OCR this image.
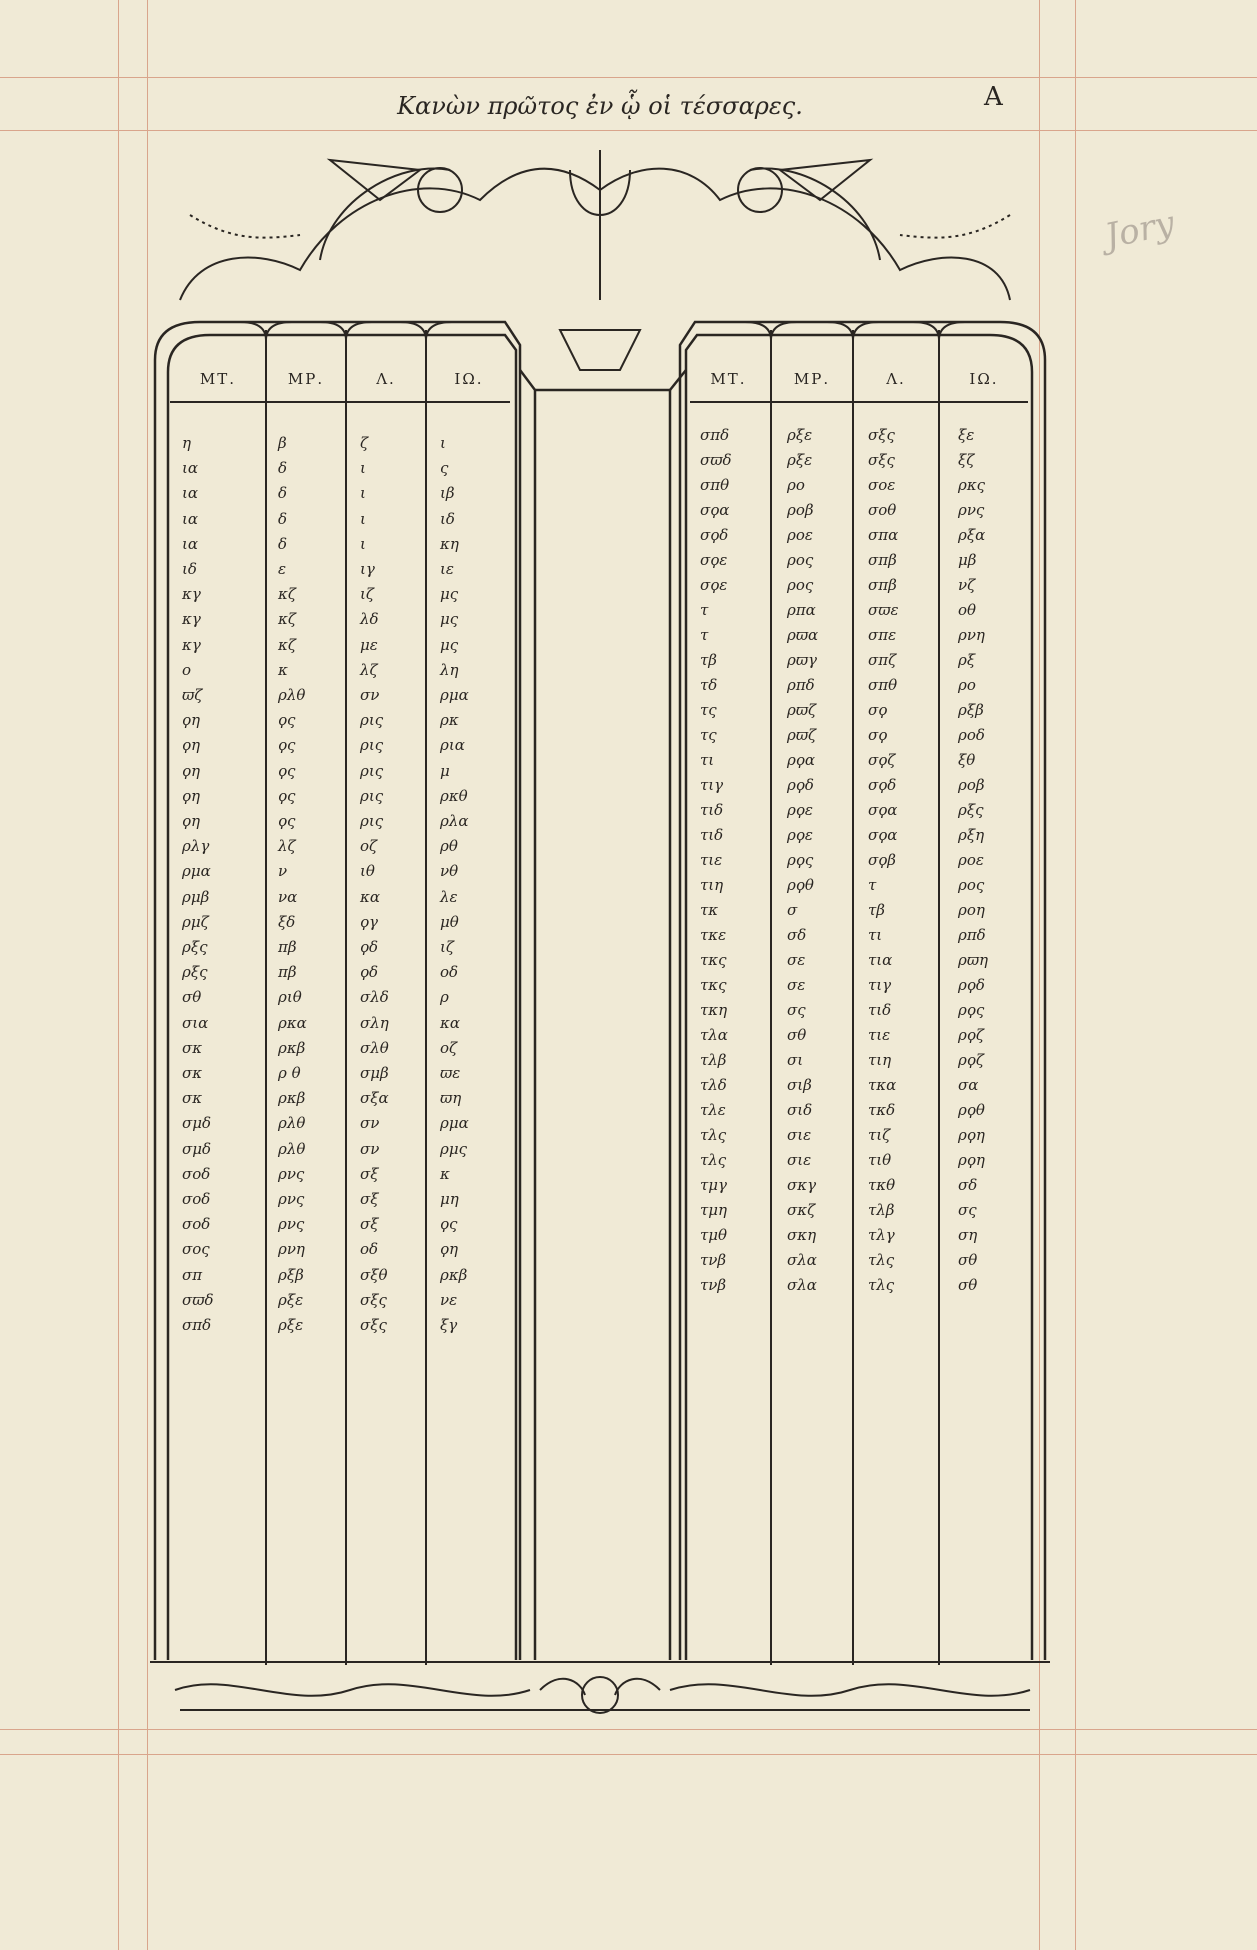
Κανὼν πρῶτος ἐν ᾧ οἱ τέσσαρες.	A
Jory
ΜΤ.	ΜΡ.	Λ.	ΙΩ.
η	β	ζ	ι
ια	δ	ι	ς
ια	δ	ι	ιβ
ια	δ	ι	ιδ
ια	δ	ι	κη
ιδ	ε	ιγ	ιε
κγ	κζ	ιζ	μς
κγ	κζ	λδ	μς
κγ	κζ	με	μς
ο	κ	λζ	λη
ϖζ	ρλθ	σν	ρμα
ϙη	ϙς	ρις	ρκ
ϙη	ϙς	ρις	ρια
ϙη	ϙς	ρις	μ
ϙη	ϙς	ρις	ρκθ
ϙη	ϙς	ρις	ρλα
ρλγ	λζ	οζ	ρθ
ρμα	ν	ιθ	νθ
ρμβ	να	κα	λε
ρμζ	ξδ	ϙγ	μθ
ρξς	πβ	ϙδ	ιζ
ρξς	πβ	ϙδ	οδ
σθ	ριθ	σλδ	ρ
σια	ρκα	σλη	κα
σκ	ρκβ	σλθ	οζ
σκ	ρ θ	σμβ	ϖε
σκ	ρκβ	σξα	ϖη
σμδ	ρλθ	σν	ρμα
σμδ	ρλθ	σν	ρμς
σοδ	ρνς	σξ	κ
σοδ	ρνς	σξ	μη
σοδ	ρνς	σξ	ϙς
σος	ρνη	οδ	ϙη
σπ	ρξβ	σξθ	ρκβ
σϖδ	ρξε	σξς	νε
σπδ	ρξε	σξς	ξγ
ΜΤ.	ΜΡ.	Λ.	ΙΩ.
σπδ	ρξε	σξς	ξε
σϖδ	ρξε	σξς	ξζ
σπθ	ρο	σοε	ρκς
σϙα	ροβ	σοθ	ρνς
σϙδ	ροε	σπα	ρξα
σϙε	ρος	σπβ	μβ
σϙε	ρος	σπβ	νζ
τ	ρπα	σϖε	οθ
τ	ρϖα	σπε	ρνη
τβ	ρϖγ	σπζ	ρξ
τδ	ρπδ	σπθ	ρο
τς	ρϖζ	σϙ	ρξβ
τς	ρϖζ	σϙ	ροδ
τι	ρϙα	σϙζ	ξθ
τιγ	ρϙδ	σϙδ	ροβ
τιδ	ρϙε	σϙα	ρξς
τιδ	ρϙε	σϙα	ρξη
τιε	ρϙς	σϙβ	ροε
τιη	ρϙθ	τ	ρος
τκ	σ	τβ	ροη
τκε	σδ	τι	ρπδ
τκς	σε	τια	ρϖη
τκς	σε	τιγ	ρϙδ
τκη	σς	τιδ	ρϙς
τλα	σθ	τιε	ρϙζ
τλβ	σι	τιη	ρϙζ
τλδ	σιβ	τκα	σα
τλε	σιδ	τκδ	ρϙθ
τλς	σιε	τιζ	ρϙη
τλς	σιε	τιθ	ρϙη
τμγ	σκγ	τκθ	σδ
τμη	σκζ	τλβ	σς
τμθ	σκη	τλγ	ση
τνβ	σλα	τλς	σθ
τνβ	σλα	τλς	σθ
